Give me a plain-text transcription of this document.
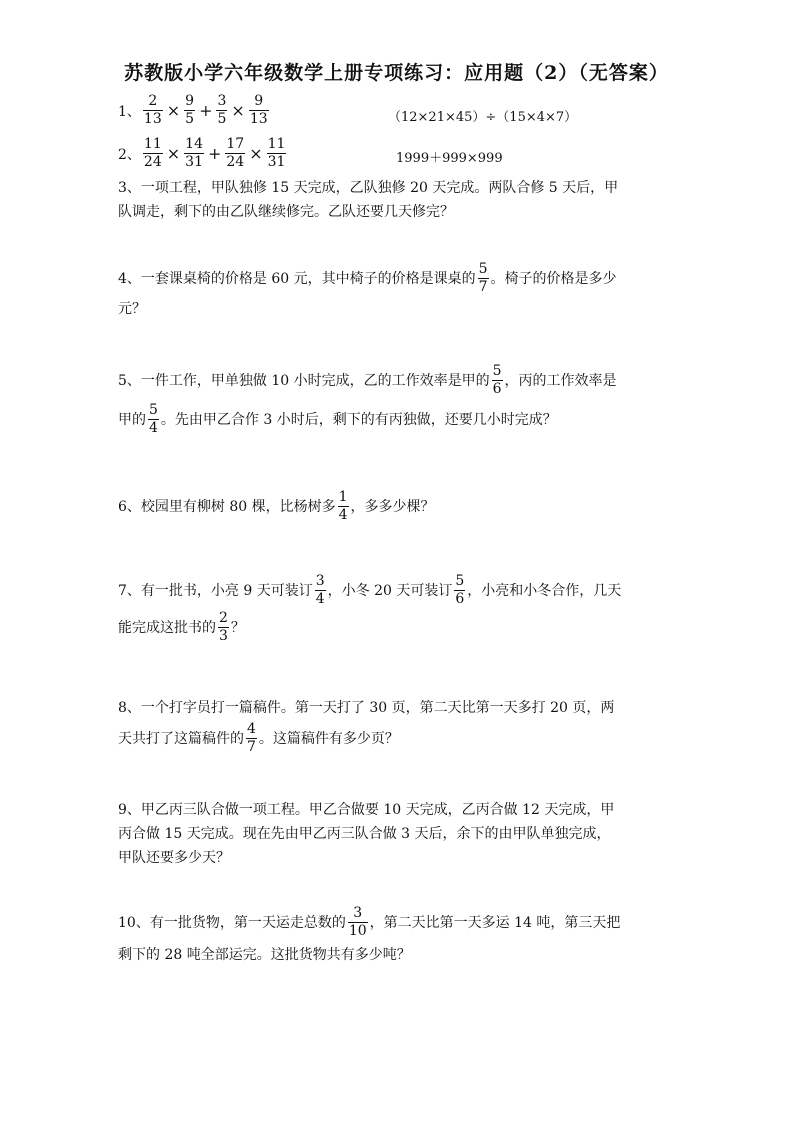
苏教版小学六年级数学上册专项练习：应用题（2）（无答案）
1、 $\frac{2}{13} \times \frac{9}{5} + \frac{3}{5} \times \frac{9}{13}$	（12×21×45）÷（15×4×7）
2、 $\frac{11}{24} \times \frac{14}{31} + \frac{17}{24} \times \frac{11}{31}$	1999＋999×999
3、一项工程，甲队独修 15 天完成，乙队独修 20 天完成。两队合修 5 天后，甲
队调走，剩下的由乙队继续修完。乙队还要几天修完？
4、一套课桌椅的价格是 60 元，其中椅子的价格是课桌的 $\frac{5}{7}$ 。椅子的价格是多少
元？
5、一件工作，甲单独做 10 小时完成，乙的工作效率是甲的 $\frac{5}{6}$ ，丙的工作效率是
甲的 $\frac{5}{4}$ 。先由甲乙合作 3 小时后，剩下的有丙独做，还要几小时完成？
6、校园里有柳树 80 棵，比杨树多 $\frac{1}{4}$ ，多多少棵？
7、有一批书，小亮 9 天可装订 $\frac{3}{4}$ ，小冬 20 天可装订 $\frac{5}{6}$ ，小亮和小冬合作，几天
能完成这批书的 $\frac{2}{3}$ ？
8、一个打字员打一篇稿件。第一天打了 30 页，第二天比第一天多打 20 页，两
天共打了这篇稿件的 $\frac{4}{7}$ 。这篇稿件有多少页？
9、甲乙丙三队合做一项工程。甲乙合做要 10 天完成，乙丙合做 12 天完成，甲
丙合做 15 天完成。现在先由甲乙丙三队合做 3 天后，余下的由甲队单独完成，
甲队还要多少天？
10、有一批货物，第一天运走总数的 $\frac{3}{10}$ ，第二天比第一天多运 14 吨，第三天把
剩下的 28 吨全部运完。这批货物共有多少吨？
